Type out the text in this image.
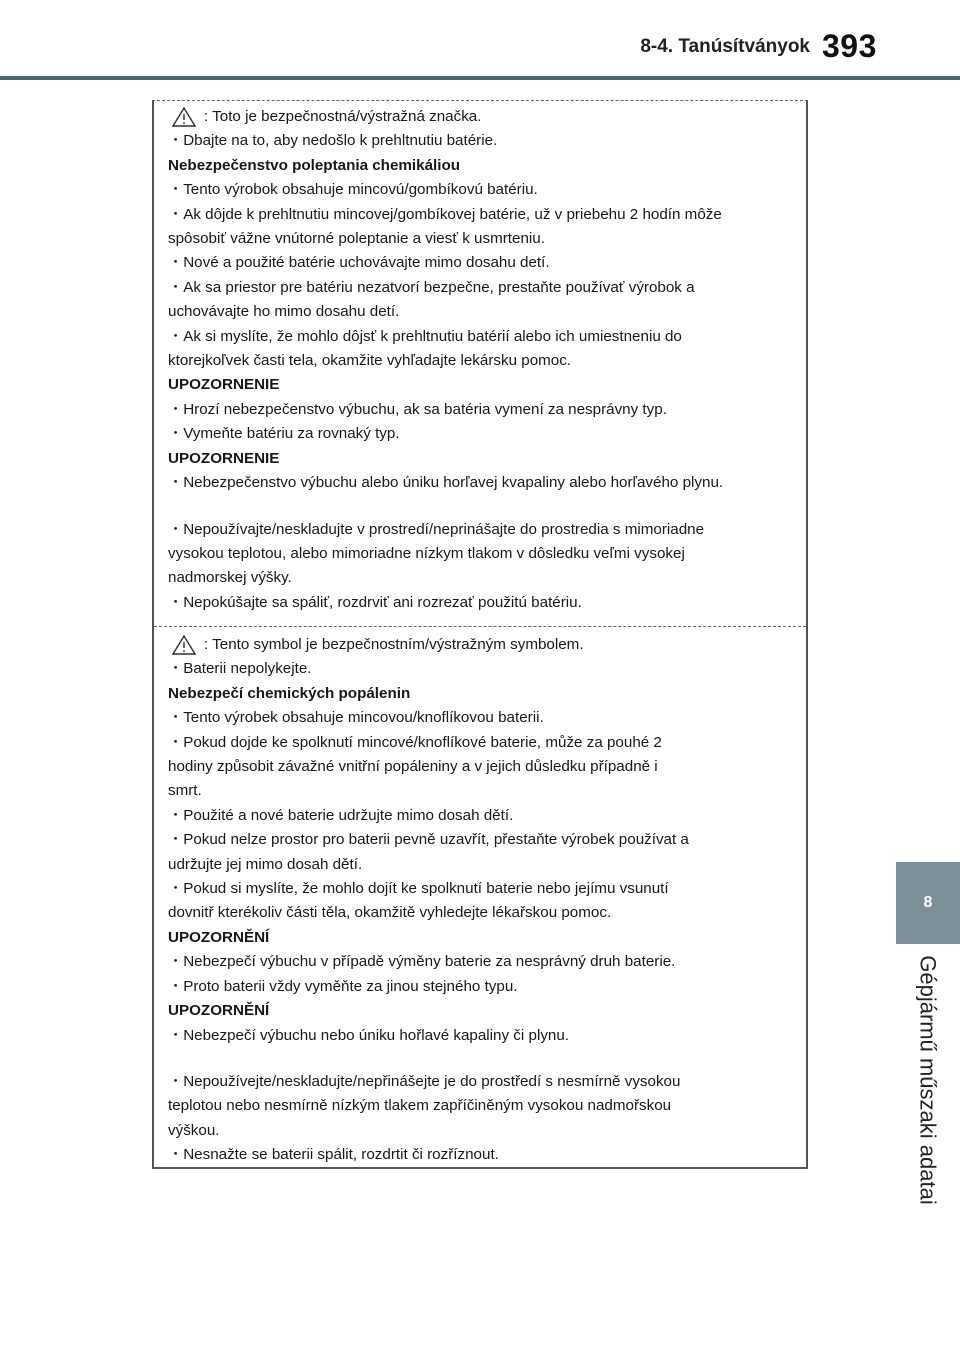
8-4. Tanúsítványok 393
8
Gépjármű műszaki adatai
: Toto je bezpečnostná/výstražná značka.
・Dbajte na to, aby nedošlo k prehltnutiu batérie.
Nebezpečenstvo poleptania chemikáliou
・Tento výrobok obsahuje mincovú/gombíkovú batériu.
・Ak dôjde k prehltnutiu mincovej/gombíkovej batérie, už v priebehu 2 hodín môže
spôsobiť vážne vnútorné poleptanie a viesť k usmrteniu.
・Nové a použité batérie uchovávajte mimo dosahu detí.
・Ak sa priestor pre batériu nezatvorí bezpečne, prestaňte používať výrobok a
uchovávajte ho mimo dosahu detí.
・Ak si myslíte, že mohlo dôjsť k prehltnutiu batérií alebo ich umiestneniu do
ktorejkoľvek časti tela, okamžite vyhľadajte lekársku pomoc.
UPOZORNENIE
・Hrozí nebezpečenstvo výbuchu, ak sa batéria vymení za nesprávny typ.
・Vymeňte batériu za rovnaký typ.
UPOZORNENIE
・Nebezpečenstvo výbuchu alebo úniku horľavej kvapaliny alebo horľavého plynu.
・Nepoužívajte/neskladujte v prostredí/neprinášajte do prostredia s mimoriadne
vysokou teplotou, alebo mimoriadne nízkym tlakom v dôsledku veľmi vysokej
nadmorskej výšky.
・Nepokúšajte sa spáliť, rozdrviť ani rozrezať použitú batériu.
: Tento symbol je bezpečnostním/výstražným symbolem.
・Baterii nepolykejte.
Nebezpečí chemických popálenin
・Tento výrobek obsahuje mincovou/knoflíkovou baterii.
・Pokud dojde ke spolknutí mincové/knoflíkové baterie, může za pouhé 2
hodiny způsobit závažné vnitřní popáleniny a v jejich důsledku případně i
smrt.
・Použité a nové baterie udržujte mimo dosah dětí.
・Pokud nelze prostor pro baterii pevně uzavřít, přestaňte výrobek používat a
udržujte jej mimo dosah dětí.
・Pokud si myslíte, že mohlo dojít ke spolknutí baterie nebo jejímu vsunutí
dovnitř kterékoliv části těla, okamžitě vyhledejte lékařskou pomoc.
UPOZORNĚNÍ
・Nebezpečí výbuchu v případě výměny baterie za nesprávný druh baterie.
・Proto baterii vždy vyměňte za jinou stejného typu.
UPOZORNĚNÍ
・Nebezpečí výbuchu nebo úniku hořlavé kapaliny či plynu.
・Nepoužívejte/neskladujte/nepřinášejte je do prostředí s nesmírně vysokou
teplotou nebo nesmírně nízkým tlakem zapříčiněným vysokou nadmořskou
výškou.
・Nesnažte se baterii spálit, rozdrtit či rozříznout.
